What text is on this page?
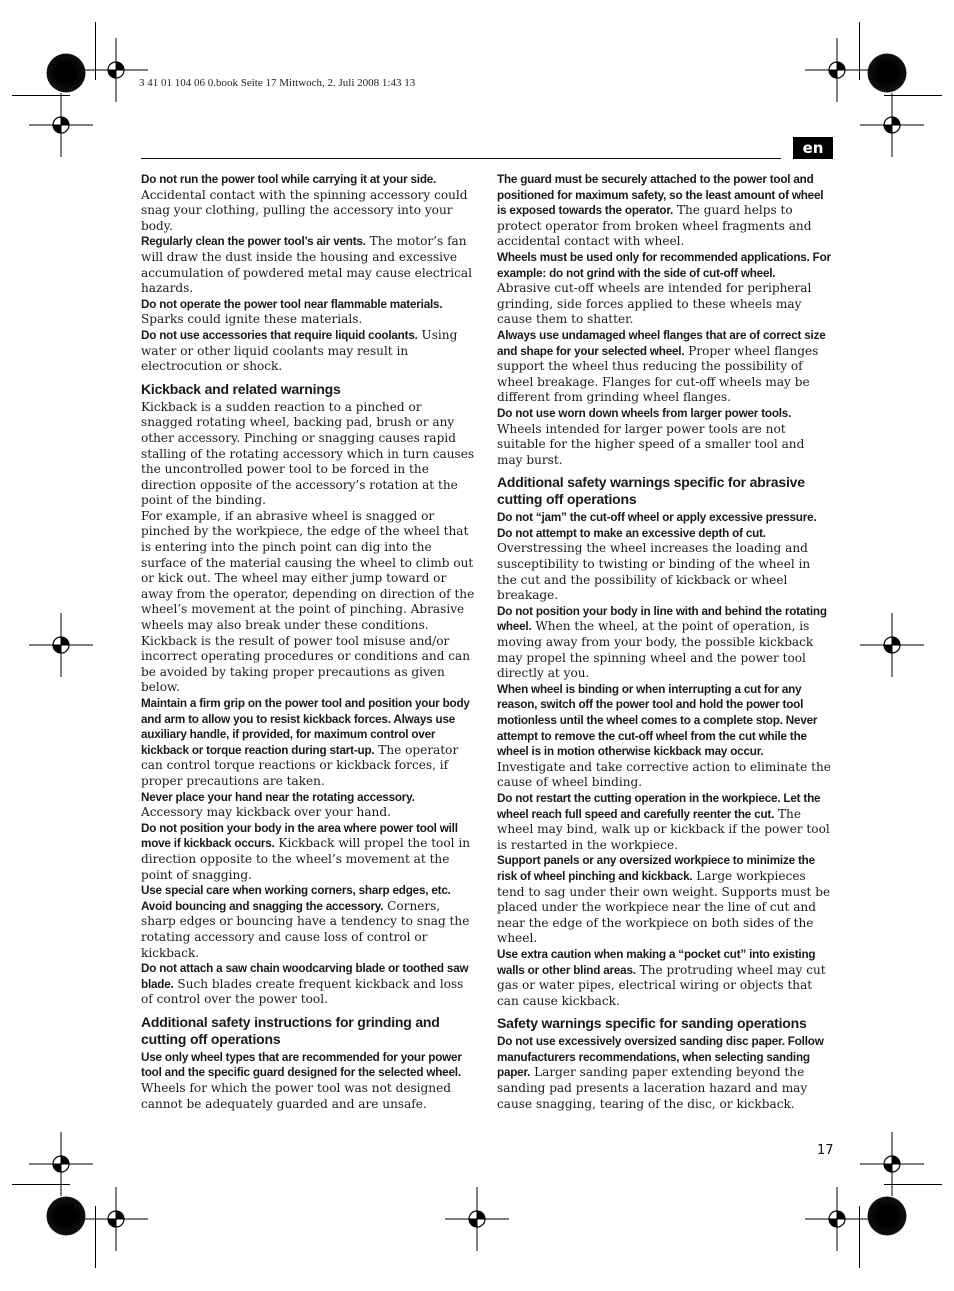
3 41 01 104 06 0.book Seite 17 Mittwoch, 2. Juli 2008 1:43 13
en

Do not run the power tool while carrying it at your side. Accidental contact with the spinning accessory could snag your clothing, pulling the accessory into your body.

Regularly clean the power tool’s air vents. The motor’s fan will draw the dust inside the housing and excessive accumulation of powdered metal may cause electrical hazards.

Do not operate the power tool near flammable materials. Sparks could ignite these materials.

Do not use accessories that require liquid coolants. Using water or other liquid coolants may result in electrocution or shock.

Kickback and related warnings

Kickback is a sudden reaction to a pinched or snagged rotating wheel, backing pad, brush or any other accessory. Pinching or snagging causes rapid stalling of the rotating accessory which in turn causes the uncontrolled power tool to be forced in the direction opposite of the accessory’s rotation at the point of the binding.

For example, if an abrasive wheel is snagged or pinched by the workpiece, the edge of the wheel that is entering into the pinch point can dig into the surface of the material causing the wheel to climb out or kick out. The wheel may either jump toward or away from the operator, depending on direction of the wheel’s movement at the point of pinching. Abrasive wheels may also break under these conditions.

Kickback is the result of power tool misuse and/or incorrect operating procedures or conditions and can be avoided by taking proper precautions as given below.

Maintain a firm grip on the power tool and position your body and arm to allow you to resist kickback forces. Always use auxiliary handle, if provided, for maximum control over kickback or torque reaction during start-up. The operator can control torque reactions or kickback forces, if proper precautions are taken.

Never place your hand near the rotating accessory. Accessory may kickback over your hand.

Do not position your body in the area where power tool will move if kickback occurs. Kickback will propel the tool in direction opposite to the wheel’s movement at the point of snagging.

Use special care when working corners, sharp edges, etc. Avoid bouncing and snagging the accessory. Corners, sharp edges or bouncing have a tendency to snag the rotating accessory and cause loss of control or kickback.

Do not attach a saw chain woodcarving blade or toothed saw blade. Such blades create frequent kickback and loss of control over the power tool.

Additional safety instructions for grinding and cutting off operations

Use only wheel types that are recommended for your power tool and the specific guard designed for the selected wheel. Wheels for which the power tool was not designed cannot be adequately guarded and are unsafe.

The guard must be securely attached to the power tool and positioned for maximum safety, so the least amount of wheel is exposed towards the operator. The guard helps to protect operator from broken wheel fragments and accidental contact with wheel.

Wheels must be used only for recommended applications. For example: do not grind with the side of cut-off wheel. Abrasive cut-off wheels are intended for peripheral grinding, side forces applied to these wheels may cause them to shatter.

Always use undamaged wheel flanges that are of correct size and shape for your selected wheel. Proper wheel flanges support the wheel thus reducing the possibility of wheel breakage. Flanges for cut-off wheels may be different from grinding wheel flanges.

Do not use worn down wheels from larger power tools. Wheels intended for larger power tools are not suitable for the higher speed of a smaller tool and may burst.

Additional safety warnings specific for abrasive cutting off operations

Do not “jam” the cut-off wheel or apply excessive pressure. Do not attempt to make an excessive depth of cut. Overstressing the wheel increases the loading and susceptibility to twisting or binding of the wheel in the cut and the possibility of kickback or wheel breakage.

Do not position your body in line with and behind the rotating wheel. When the wheel, at the point of operation, is moving away from your body, the possible kickback may propel the spinning wheel and the power tool directly at you.

When wheel is binding or when interrupting a cut for any reason, switch off the power tool and hold the power tool motionless until the wheel comes to a complete stop. Never attempt to remove the cut-off wheel from the cut while the wheel is in motion otherwise kickback may occur. Investigate and take corrective action to eliminate the cause of wheel binding.

Do not restart the cutting operation in the workpiece. Let the wheel reach full speed and carefully reenter the cut. The wheel may bind, walk up or kickback if the power tool is restarted in the workpiece.

Support panels or any oversized workpiece to minimize the risk of wheel pinching and kickback. Large workpieces tend to sag under their own weight. Supports must be placed under the workpiece near the line of cut and near the edge of the workpiece on both sides of the wheel.

Use extra caution when making a “pocket cut” into existing walls or other blind areas. The protruding wheel may cut gas or water pipes, electrical wiring or objects that can cause kickback.

Safety warnings specific for sanding operations

Do not use excessively oversized sanding disc paper. Follow manufacturers recommendations, when selecting sanding paper. Larger sanding paper extending beyond the sanding pad presents a laceration hazard and may cause snagging, tearing of the disc, or kickback.

17
